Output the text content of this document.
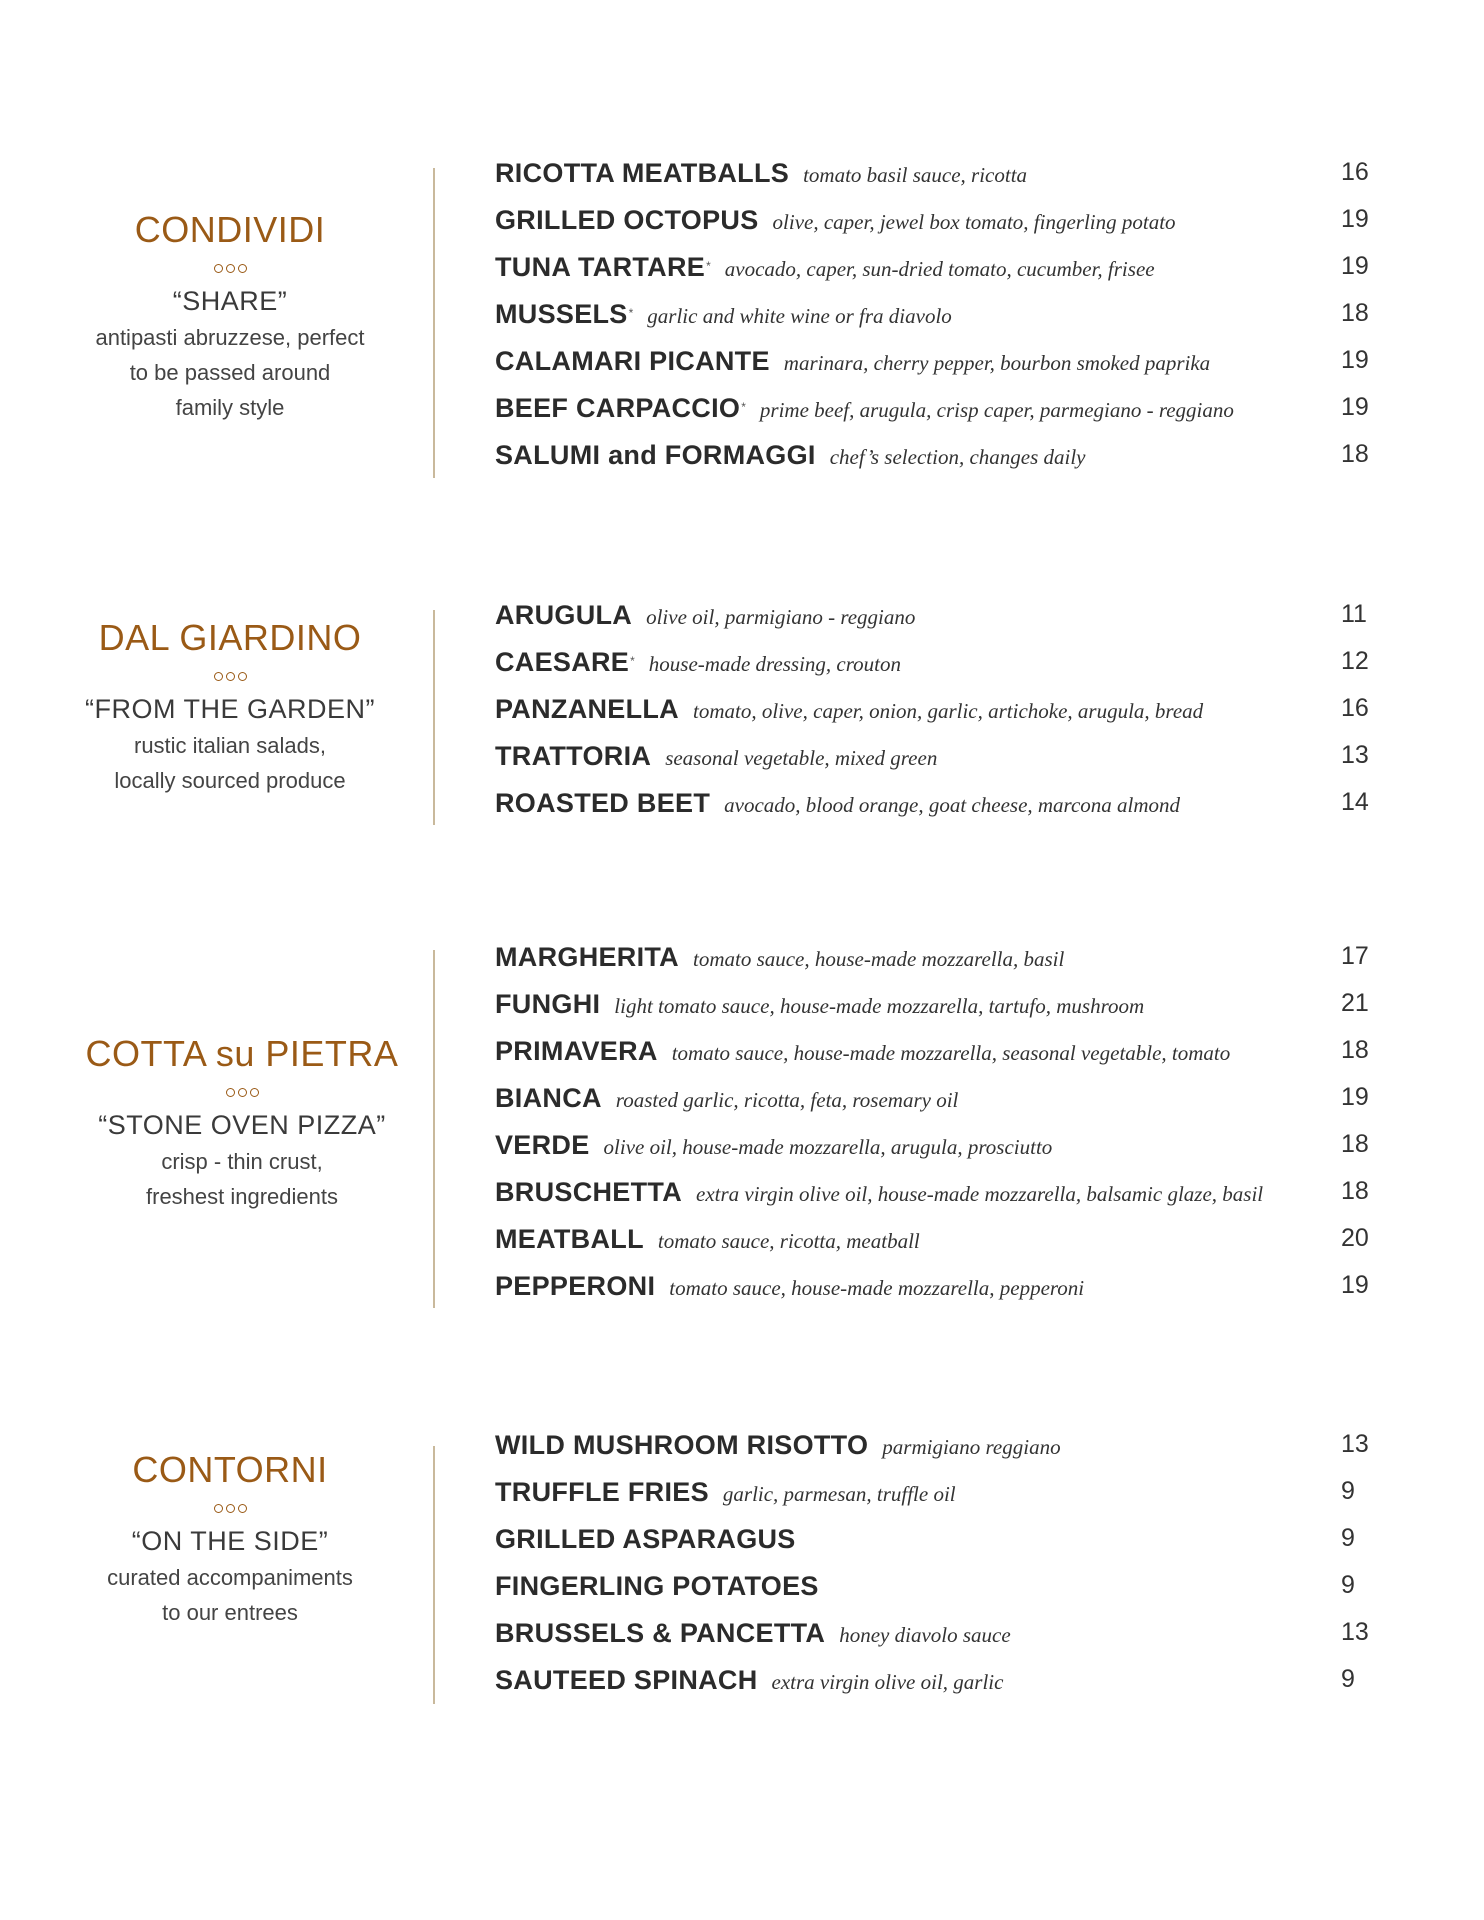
CONDIVIDI
“SHARE”
antipasti abruzzese, perfect
to be passed around
family style
RICOTTA MEATBALLS tomato basil sauce, ricotta	16
GRILLED OCTOPUS olive, caper, jewel box tomato, fingerling potato	19
TUNA TARTARE* avocado, caper, sun-dried tomato, cucumber, frisee	19
MUSSELS* garlic and white wine or fra diavolo	18
CALAMARI PICANTE marinara, cherry pepper, bourbon smoked paprika	19
BEEF CARPACCIO* prime beef, arugula, crisp caper, parmegiano - reggiano	19
SALUMI and FORMAGGI chef’s selection, changes daily	18
DAL GIARDINO
“FROM THE GARDEN”
rustic italian salads,
locally sourced produce
ARUGULA olive oil, parmigiano - reggiano	11
CAESARE* house-made dressing, crouton	12
PANZANELLA tomato, olive, caper, onion, garlic, artichoke, arugula, bread	16
TRATTORIA seasonal vegetable, mixed green	13
ROASTED BEET avocado, blood orange, goat cheese, marcona almond	14
COTTA su PIETRA
“STONE OVEN PIZZA”
crisp - thin crust,
freshest ingredients
MARGHERITA tomato sauce, house-made mozzarella, basil	17
FUNGHI light tomato sauce, house-made mozzarella, tartufo, mushroom	21
PRIMAVERA tomato sauce, house-made mozzarella, seasonal vegetable, tomato	18
BIANCA roasted garlic, ricotta, feta, rosemary oil	19
VERDE olive oil, house-made mozzarella, arugula, prosciutto	18
BRUSCHETTA extra virgin olive oil, house-made mozzarella, balsamic glaze, basil	18
MEATBALL tomato sauce, ricotta, meatball	20
PEPPERONI tomato sauce, house-made mozzarella, pepperoni	19
CONTORNI
“ON THE SIDE”
curated accompaniments
to our entrees
WILD MUSHROOM RISOTTO parmigiano reggiano	13
TRUFFLE FRIES garlic, parmesan, truffle oil	9
GRILLED ASPARAGUS	9
FINGERLING POTATOES	9
BRUSSELS & PANCETTA honey diavolo sauce	13
SAUTEED SPINACH extra virgin olive oil, garlic	9
